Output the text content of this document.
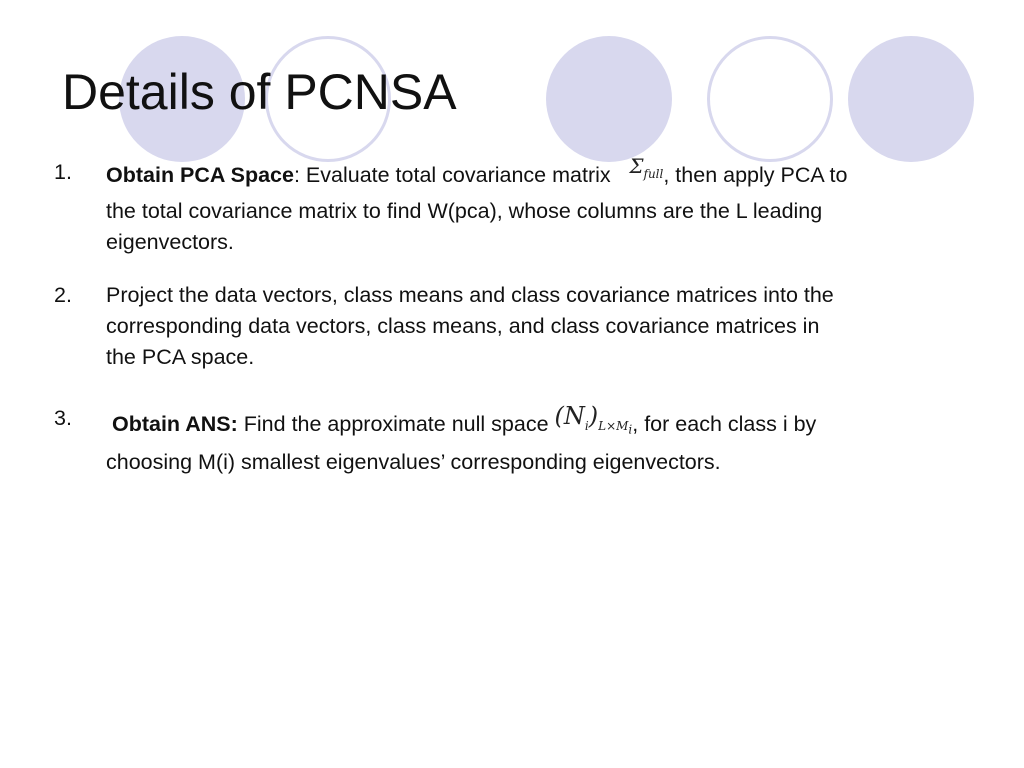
Details of PCNSA
1. Obtain PCA Space: Evaluate total covariance matrix $\Sigma_{full}$, then apply PCA to
the total covariance matrix to find W(pca), whose columns are the L leading
eigenvectors.
2. Project the data vectors, class means and class covariance matrices into the
corresponding data vectors, class means, and class covariance matrices in
the PCA space.
3. Obtain ANS: Find the approximate null space $(N_i)_{L\times M_i}$, for each class i by
choosing M(i) smallest eigenvalues’ corresponding eigenvectors.
